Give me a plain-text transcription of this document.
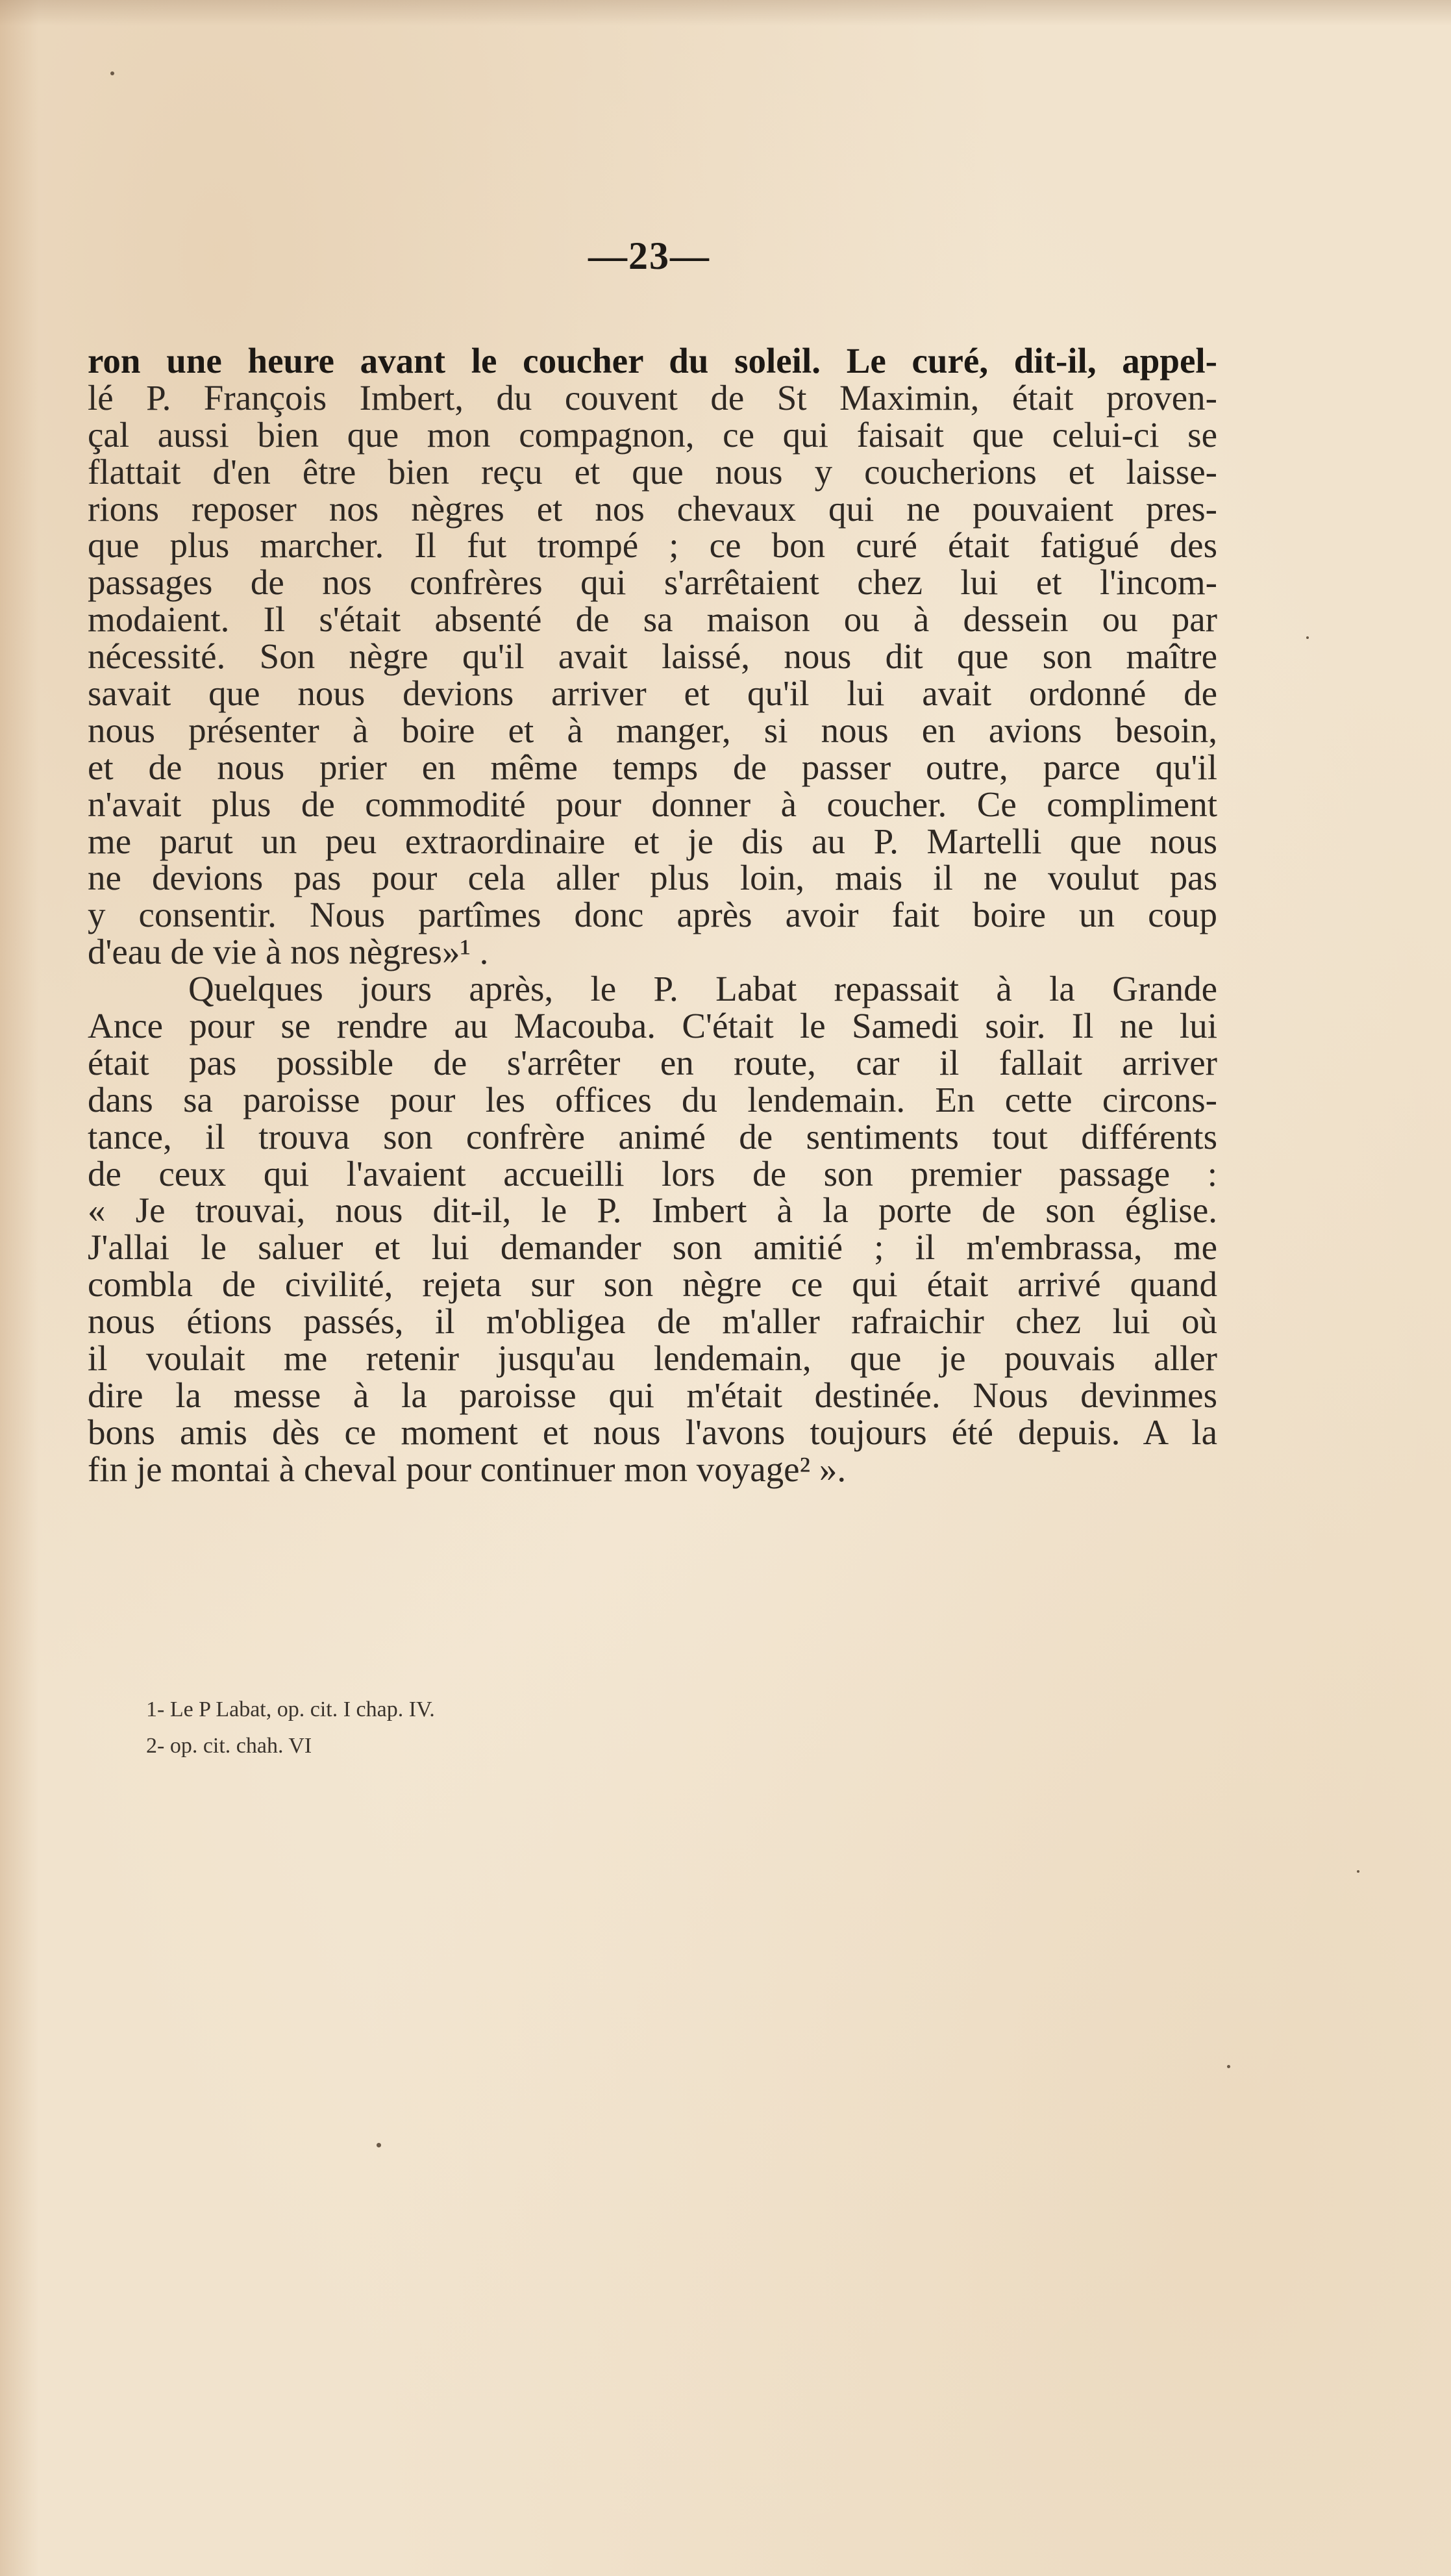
—23—
ron une heure avant le coucher du soleil. Le curé, dit-il, appel-
lé P. François Imbert, du couvent de St Maximin, était proven-
çal aussi bien que mon compagnon, ce qui faisait que celui-ci se
flattait d'en être bien reçu et que nous y coucherions et laisse-
rions reposer nos nègres et nos chevaux qui ne pouvaient pres-
que plus marcher. Il fut trompé ; ce bon curé était fatigué des
passages de nos confrères qui s'arrêtaient chez lui et l'incom-
modaient. Il s'était absenté de sa maison ou à dessein ou par
nécessité. Son nègre qu'il avait laissé, nous dit que son maître
savait que nous devions arriver et qu'il lui avait ordonné de
nous présenter à boire et à manger, si nous en avions besoin,
et de nous prier en même temps de passer outre, parce qu'il
n'avait plus de commodité pour donner à coucher. Ce compliment
me parut un peu extraordinaire et je dis au P. Martelli que nous
ne devions pas pour cela aller plus loin, mais il ne voulut pas
y consentir. Nous partîmes donc après avoir fait boire un coup
d'eau de vie à nos nègres»¹ .
Quelques jours après, le P. Labat repassait à la Grande
Ance pour se rendre au Macouba. C'était le Samedi soir. Il ne lui
était pas possible de s'arrêter en route, car il fallait arriver
dans sa paroisse pour les offices du lendemain. En cette circons-
tance, il trouva son confrère animé de sentiments tout différents
de ceux qui l'avaient accueilli lors de son premier passage :
« Je trouvai, nous dit-il, le P. Imbert à la porte de son église.
J'allai le saluer et lui demander son amitié ; il m'embrassa, me
combla de civilité, rejeta sur son nègre ce qui était arrivé quand
nous étions passés, il m'obligea de m'aller rafraichir chez lui où
il voulait me retenir jusqu'au lendemain, que je pouvais aller
dire la messe à la paroisse qui m'était destinée. Nous devinmes
bons amis dès ce moment et nous l'avons toujours été depuis. A la
fin je montai à cheval pour continuer mon voyage² ».
1- Le P Labat, op. cit. I chap. IV.
2- op. cit. chah. VI
